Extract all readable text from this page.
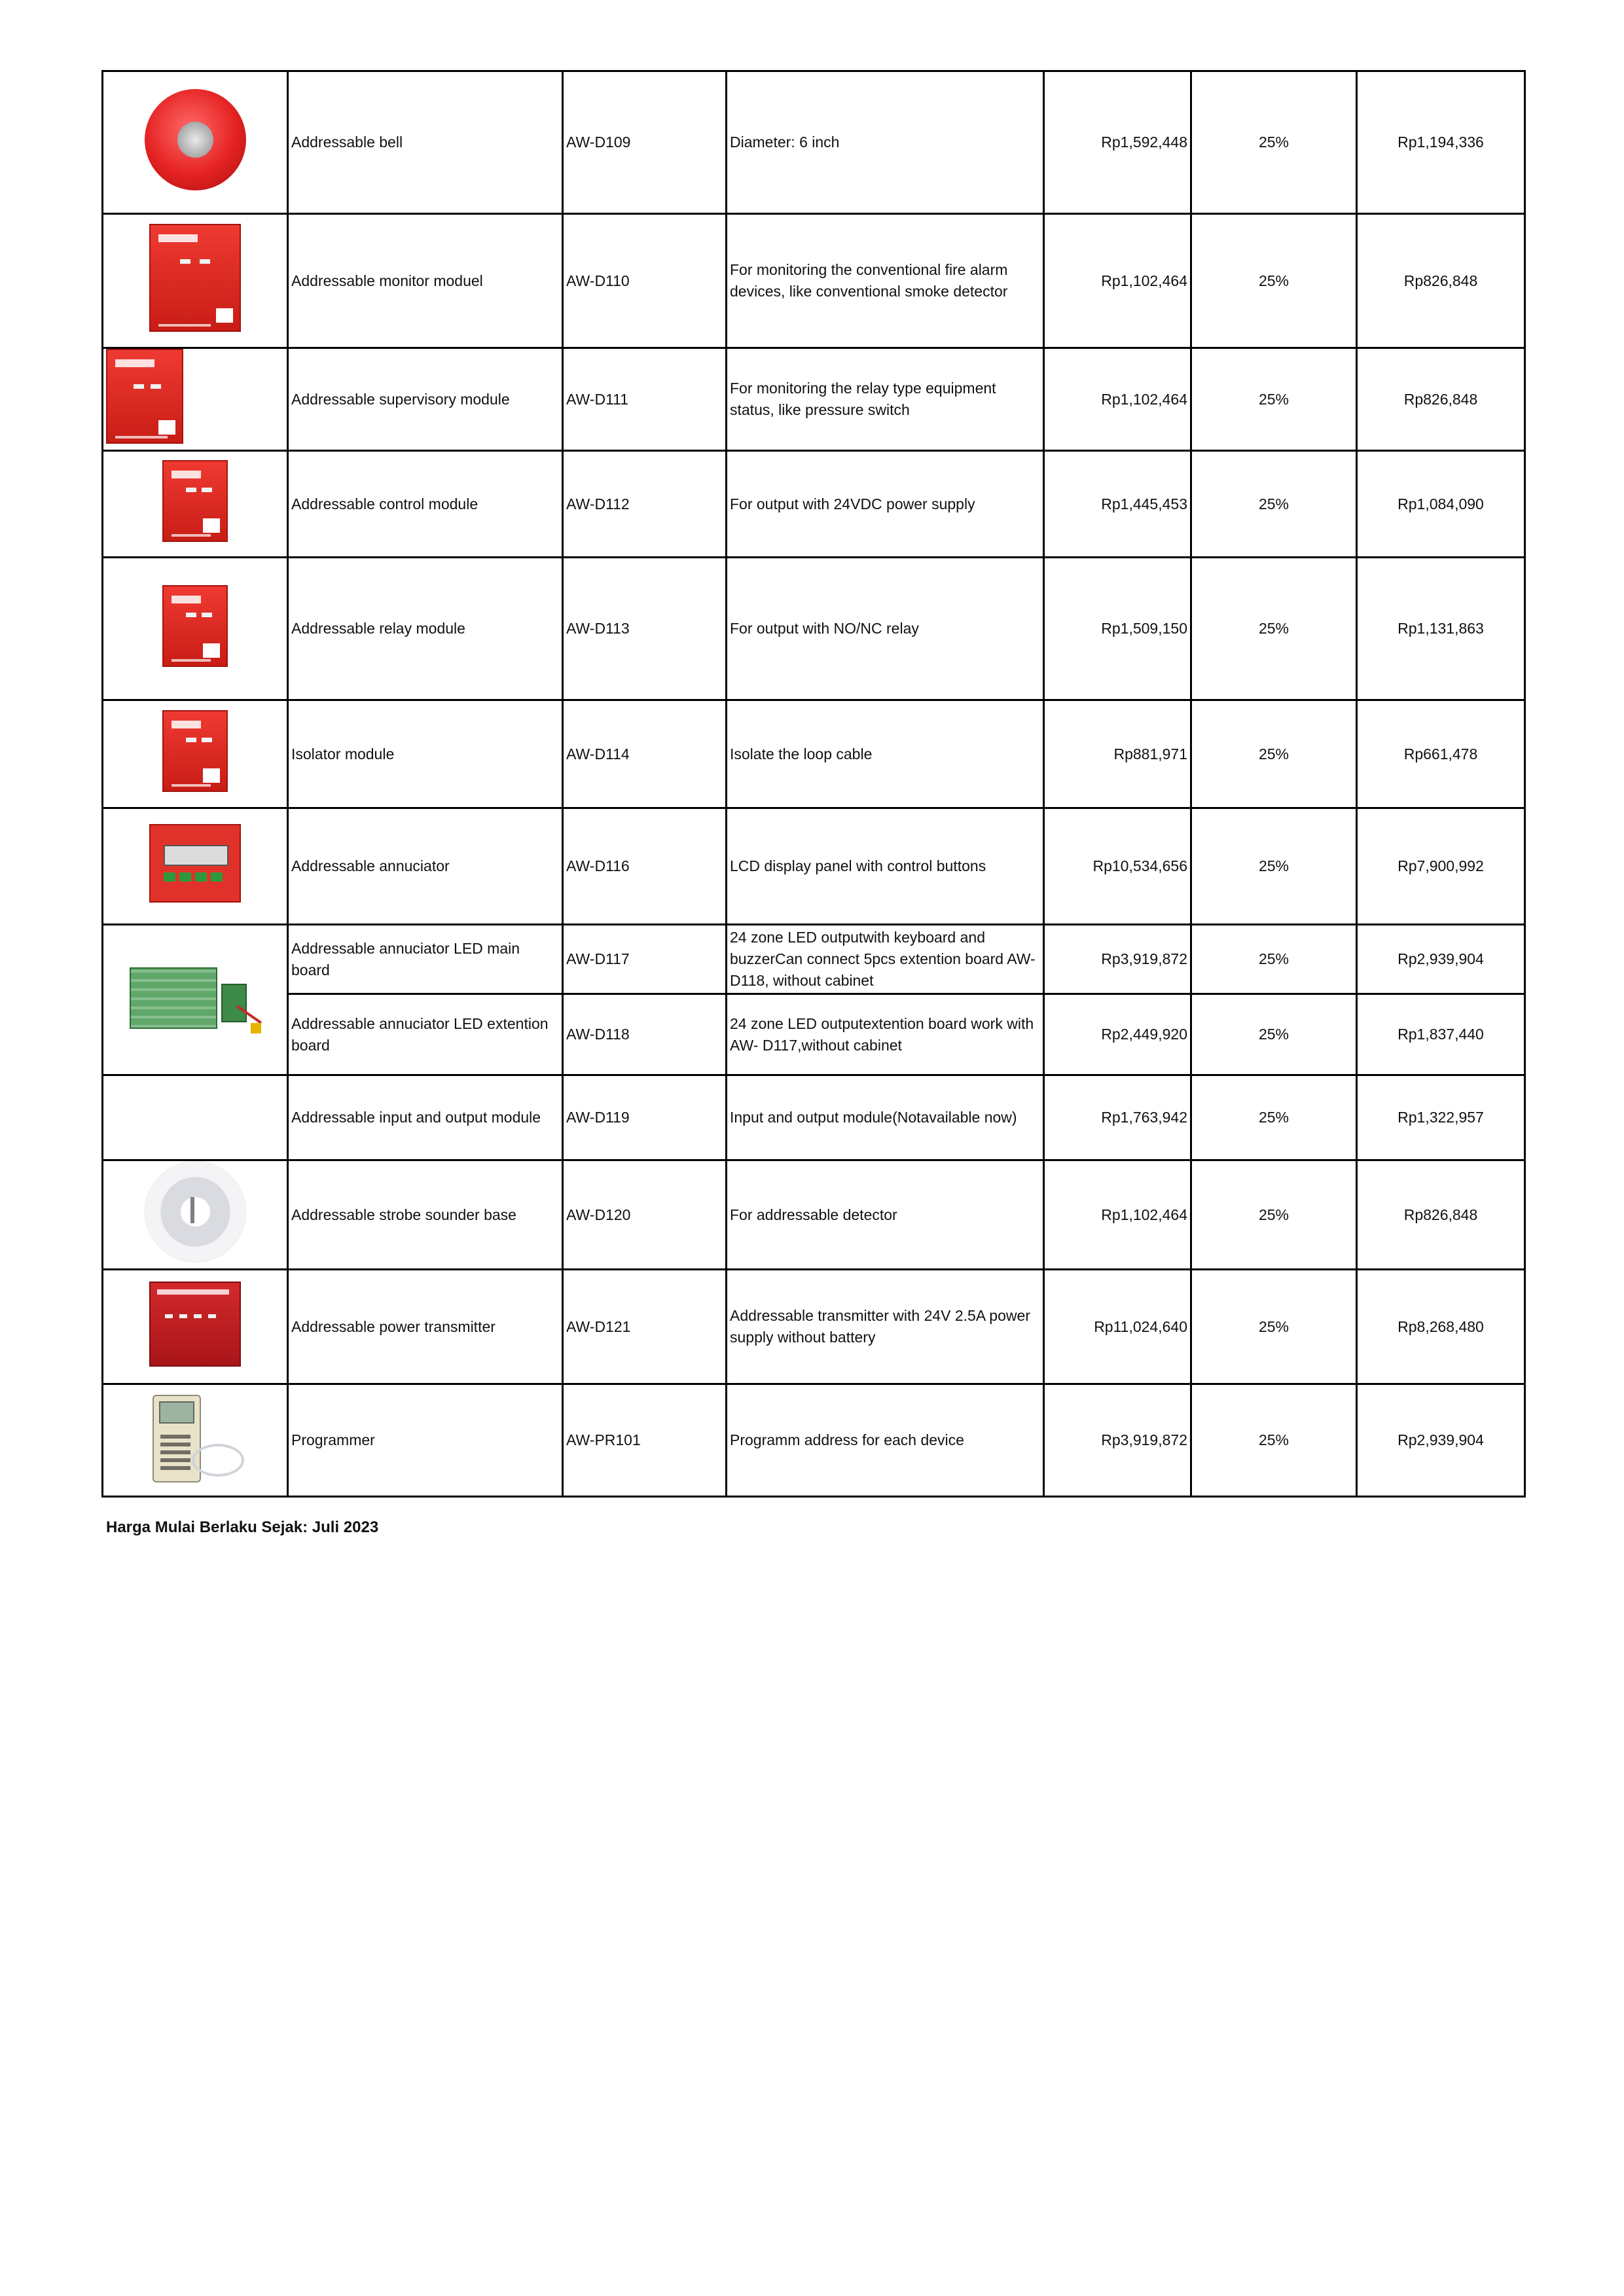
	Addressable bell	AW-D109	Diameter: 6 inch	Rp1,592,448	25%	Rp1,194,336

	Addressable monitor moduel	AW-D110	For monitoring the conventional fire alarm devices, like conventional smoke detector	Rp1,102,464	25%	Rp826,848

	Addressable supervisory module	AW-D111	For monitoring the relay type equipment status, like pressure switch	Rp1,102,464	25%	Rp826,848

	Addressable control module	AW-D112	For output with 24VDC power supply	Rp1,445,453	25%	Rp1,084,090

	Addressable relay module	AW-D113	For output with NO/NC relay	Rp1,509,150	25%	Rp1,131,863

	Isolator module	AW-D114	Isolate the loop cable	Rp881,971	25%	Rp661,478

	Addressable annuciator	AW-D116	LCD display panel with control buttons	Rp10,534,656	25%	Rp7,900,992

	Addressable annuciator LED main board	AW-D117	24 zone LED outputwith keyboard and buzzerCan connect 5pcs extention board AW-D118, without cabinet	Rp3,919,872	25%	Rp2,939,904
	Addressable annuciator LED extention board	AW-D118	24 zone LED outputextention board work with AW- D117,without cabinet	Rp2,449,920	25%	Rp1,837,440
	Addressable input and output module	AW-D119	Input and output module(Notavailable now)	Rp1,763,942	25%	Rp1,322,957

	Addressable strobe sounder base	AW-D120	For addressable detector	Rp1,102,464	25%	Rp826,848

	Addressable power transmitter	AW-D121	Addressable transmitter with 24V 2.5A power supply without battery	Rp11,024,640	25%	Rp8,268,480

	Programmer	AW-PR101	Programm address for each device	Rp3,919,872	25%	Rp2,939,904
Harga Mulai Berlaku Sejak: Juli 2023
